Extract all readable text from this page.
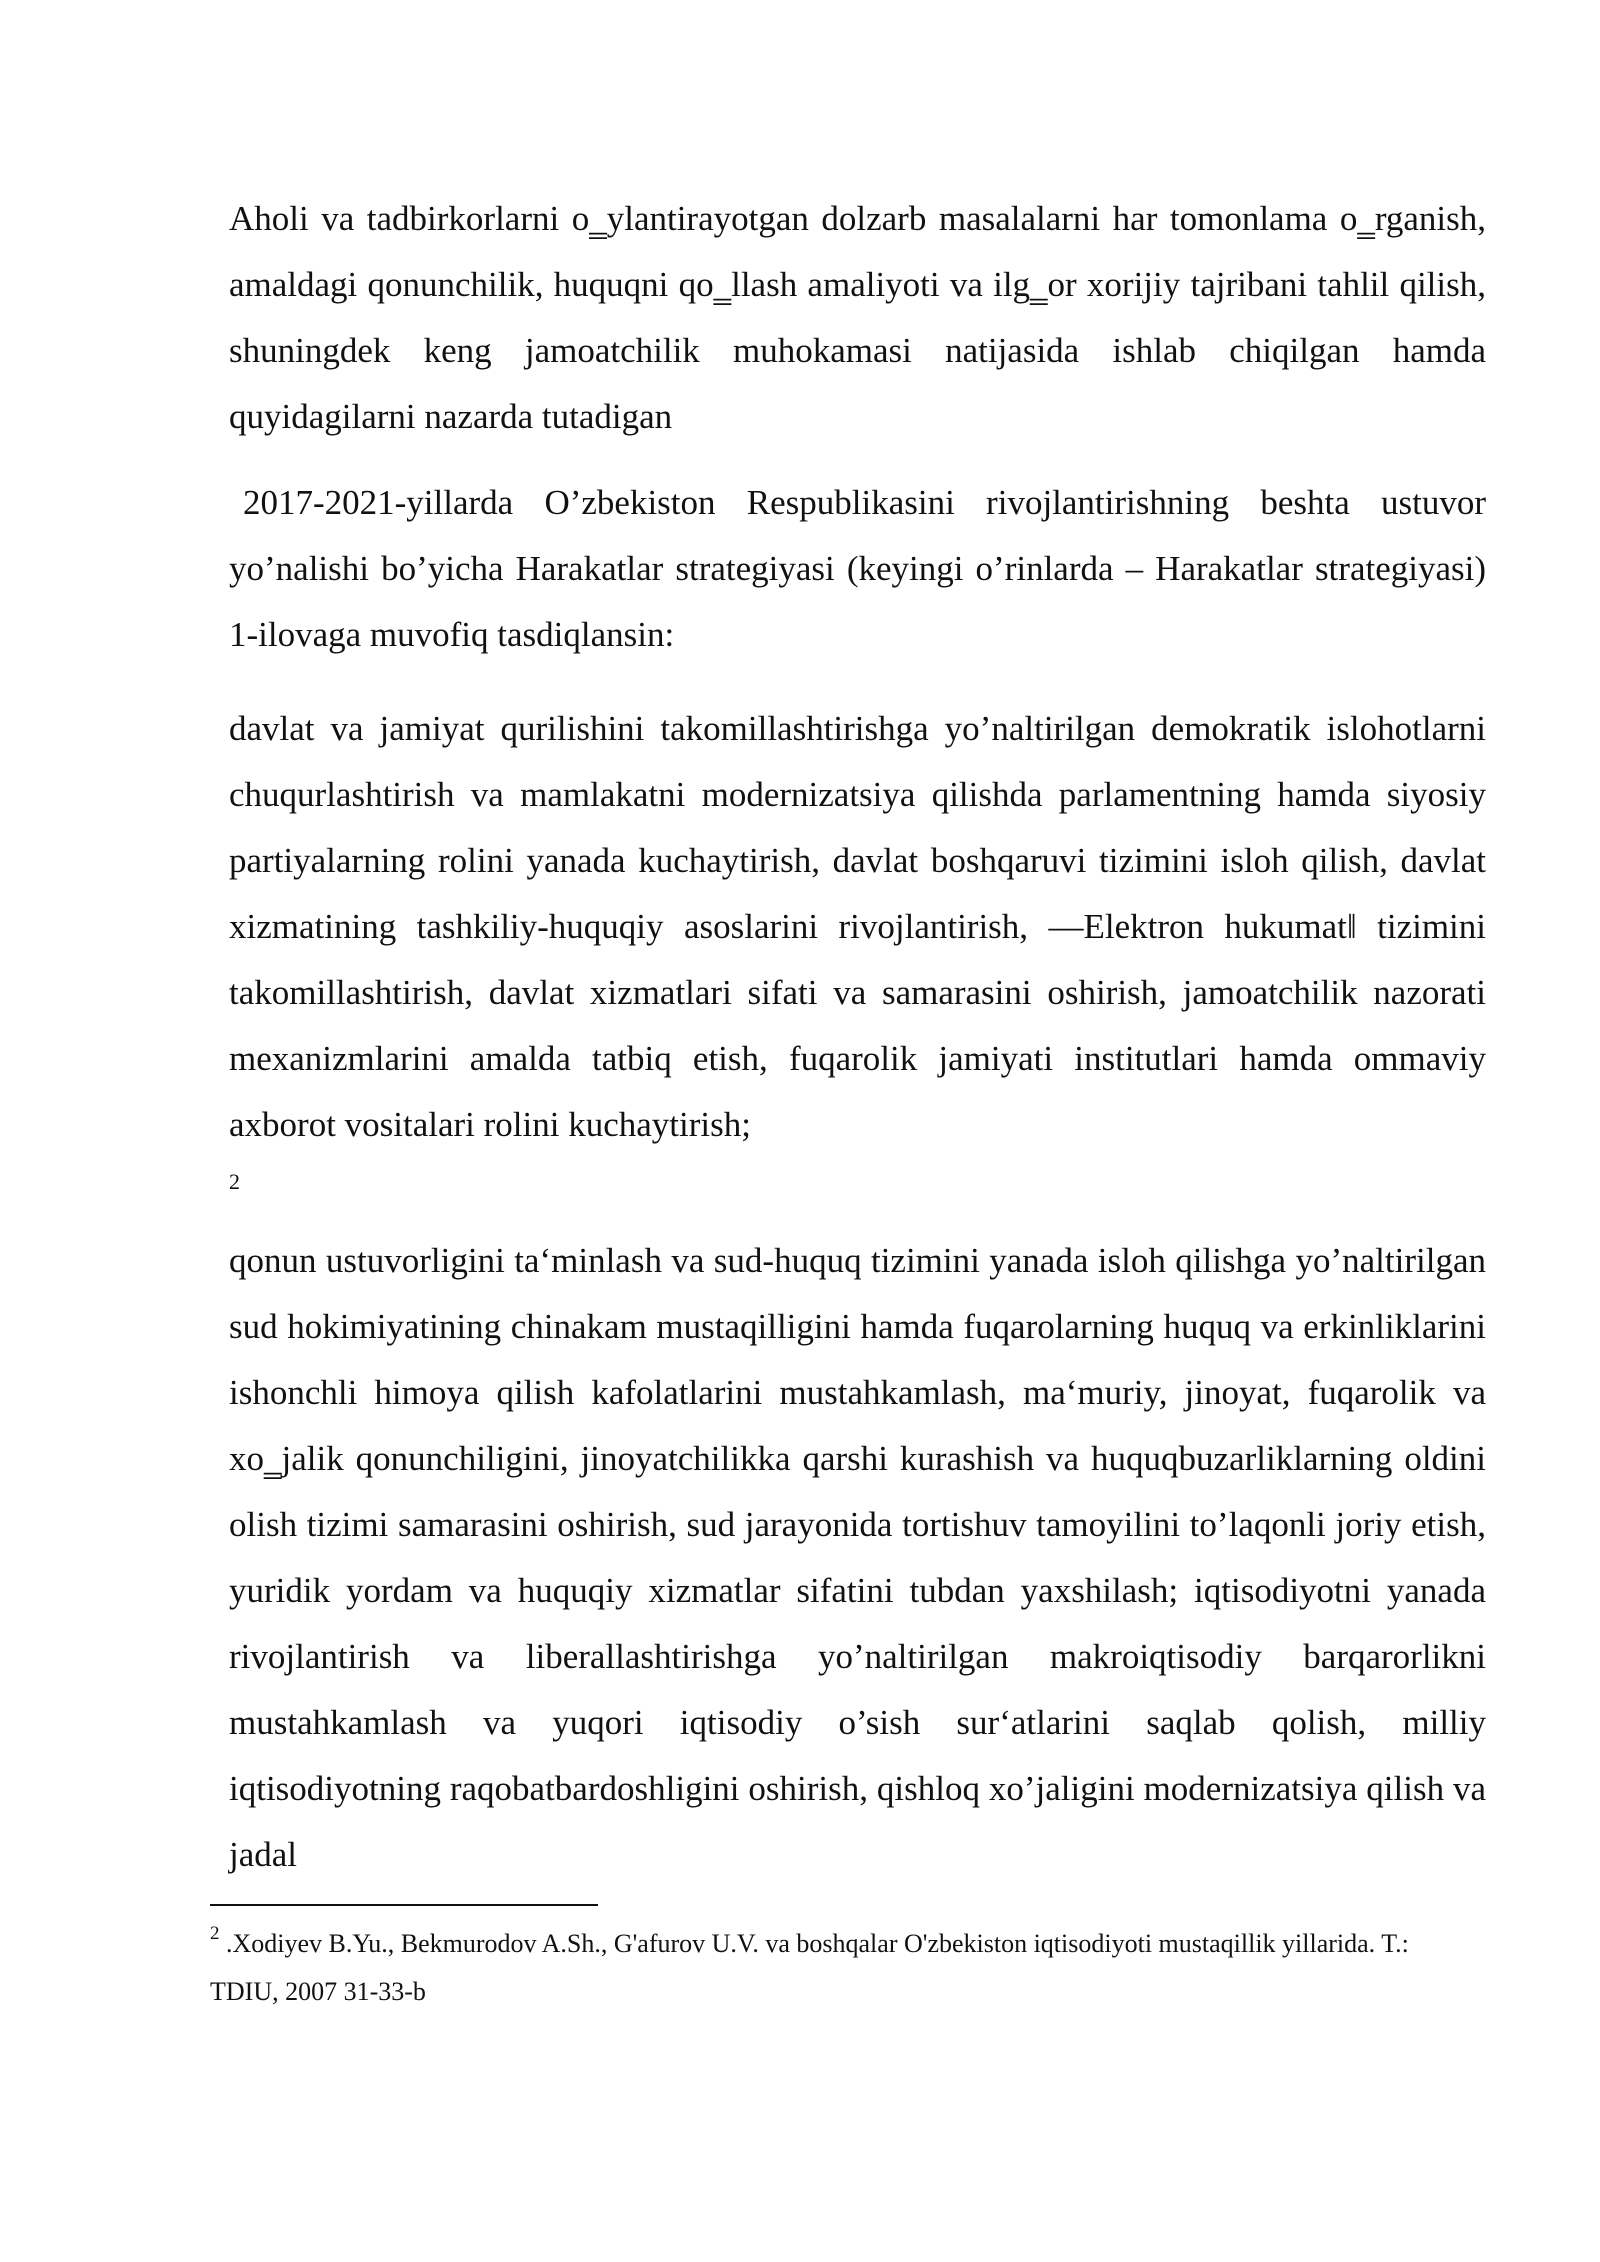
Aholi va tadbirkorlarni o‗ylantirayotgan dolzarb masalalarni har tomonlama o‗rganish, amaldagi qonunchilik, huquqni qo‗llash amaliyoti va ilg‗or xorijiy tajribani tahlil qilish, shuningdek keng jamoatchilik muhokamasi natijasida ishlab chiqilgan hamda quyidagilarni nazarda tutadigan

2017-2021-yillarda O’zbekiston Respublikasini rivojlantirishning beshta ustuvor yo’nalishi bo’yicha Harakatlar strategiyasi (keyingi o’rinlarda – Harakatlar strategiyasi) 1-ilovaga muvofiq tasdiqlansin:

davlat va jamiyat qurilishini takomillashtirishga yo’naltirilgan demokratik islohotlarni chuqurlashtirish va mamlakatni modernizatsiya qilishda parlamentning hamda siyosiy partiyalarning rolini yanada kuchaytirish, davlat boshqaruvi tizimini isloh qilish, davlat xizmatining tashkiliy-huquqiy asoslarini rivojlantirish, ―Elektron hukumat‖ tizimini takomillashtirish, davlat xizmatlari sifati va samarasini oshirish, jamoatchilik nazorati mexanizmlarini amalda tatbiq etish, fuqarolik jamiyati institutlari hamda ommaviy axborot vositalari rolini kuchaytirish;

2

qonun ustuvorligini ta‘minlash va sud-huquq tizimini yanada isloh qilishga yo’naltirilgan sud hokimiyatining chinakam mustaqilligini hamda fuqarolarning huquq va erkinliklarini ishonchli himoya qilish kafolatlarini mustahkamlash, ma‘muriy, jinoyat, fuqarolik va xo‗jalik qonunchiligini, jinoyatchilikka qarshi kurashish va huquqbuzarliklarning oldini olish tizimi samarasini oshirish, sud jarayonida tortishuv tamoyilini to’laqonli joriy etish, yuridik yordam va huquqiy xizmatlar sifatini tubdan yaxshilash; iqtisodiyotni yanada rivojlantirish va liberallashtirishga yo’naltirilgan makroiqtisodiy barqarorlikni mustahkamlash va yuqori iqtisodiy o’sish sur‘atlarini saqlab qolish, milliy iqtisodiyotning raqobatbardoshligini oshirish, qishloq xo’jaligini modernizatsiya qilish va jadal

$^2$ .Xodiyev B.Yu., Bekmurodov A.Sh., G'afurov U.V. va boshqalar O'zbekiston iqtisodiyoti mustaqillik yillarida. T.: TDIU, 2007 31-33-b
